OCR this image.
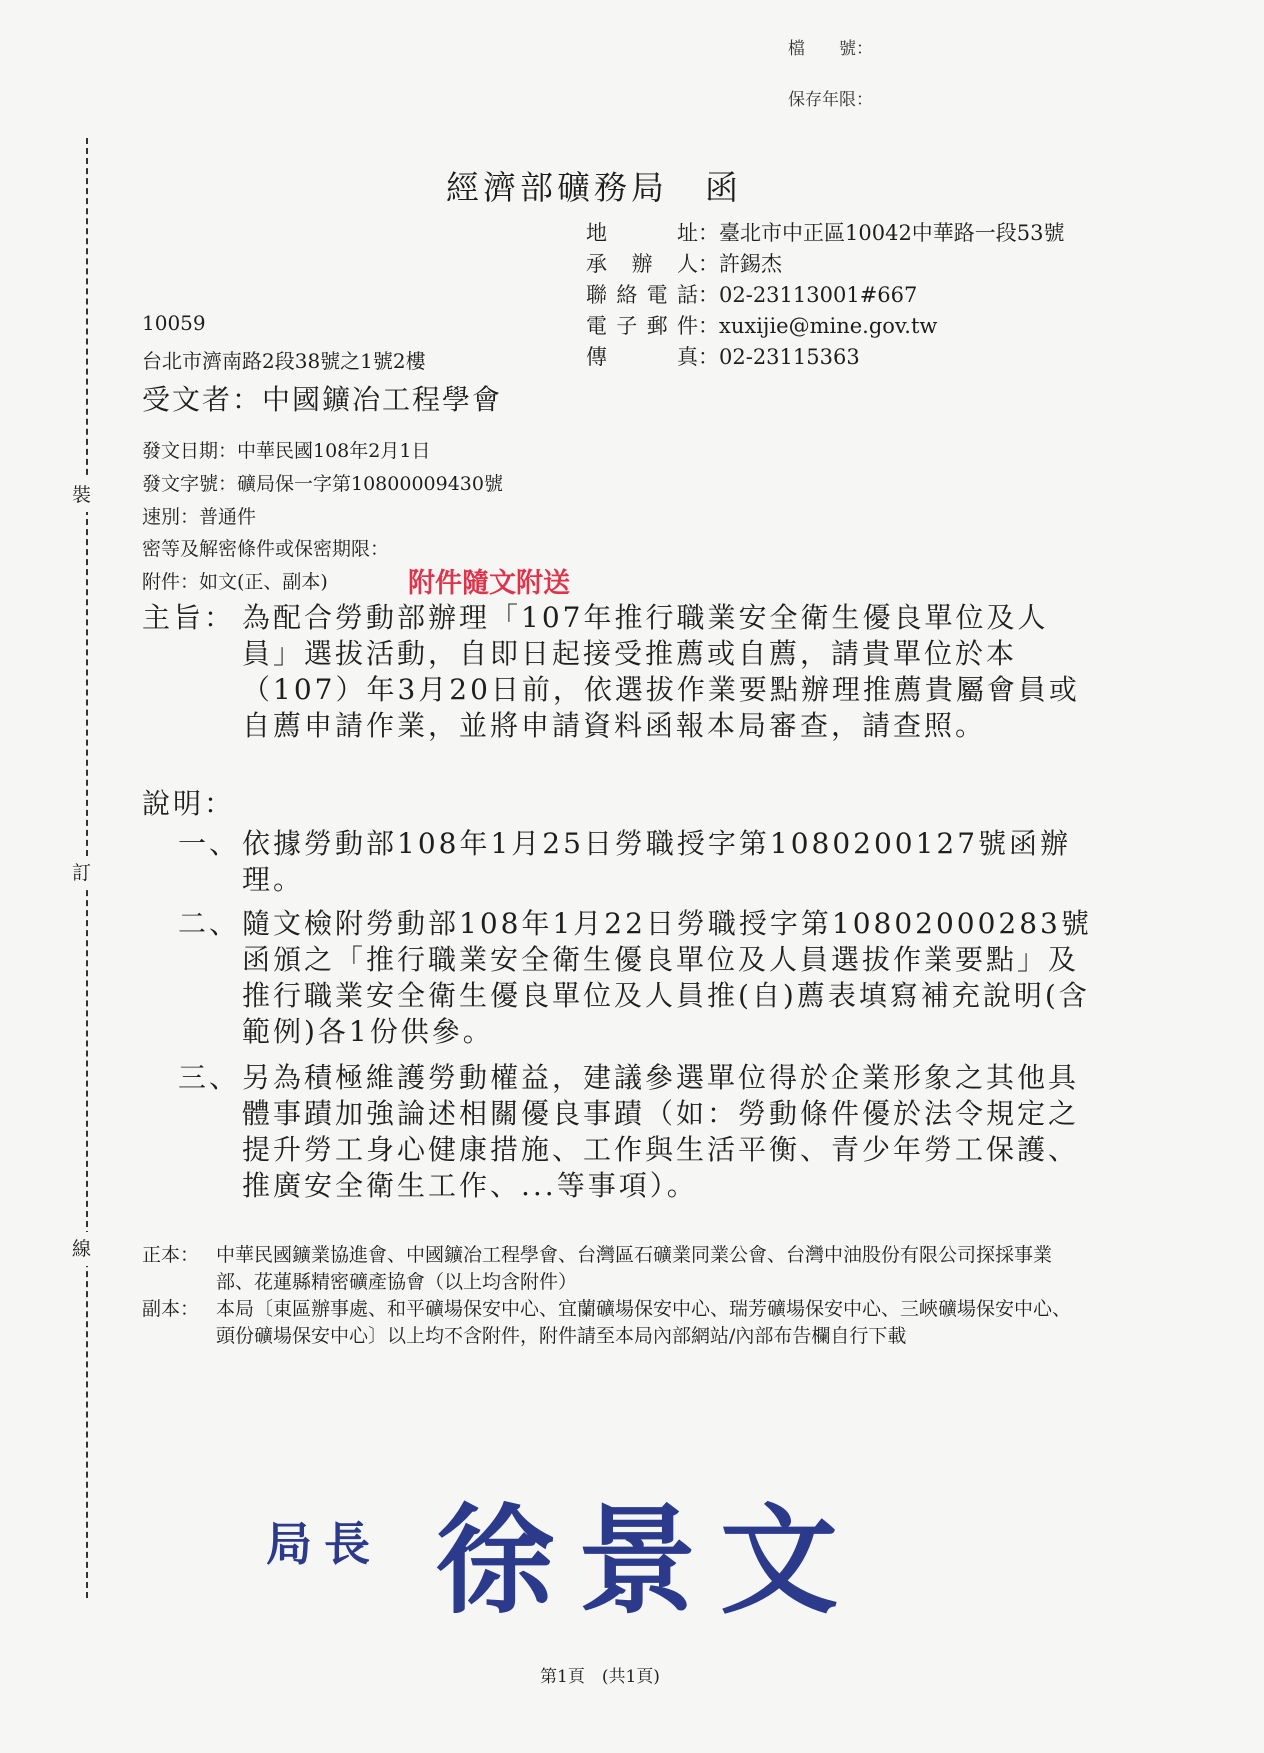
檔　　號：
保存年限：
裝
訂
線
經濟部礦務局　函
地　　址：臺北市中正區10042中華路一段53號
承 辦 人：許錫杰
聯絡電話：02-23113001#667
電子郵件：xuxijie@mine.gov.tw
傳　　真：02-23115363
10059
台北市濟南路2段38號之1號2樓
受文者：中國鑛冶工程學會
發文日期：中華民國108年2月1日
發文字號：礦局保一字第10800009430號
速別：普通件
密等及解密條件或保密期限：
附件：如文(正、副本)	附件隨文附送
主旨： 為配合勞動部辦理「107年推行職業安全衛生優良單位及人員」選拔活動，自即日起接受推薦或自薦，請貴單位於本（107）年3月20日前，依選拔作業要點辦理推薦貴屬會員或自薦申請作業，並將申請資料函報本局審查，請查照。
說明：
一、 依據勞動部108年1月25日勞職授字第1080200127號函辦理。
二、 隨文檢附勞動部108年1月22日勞職授字第10802000283號函頒之「推行職業安全衛生優良單位及人員選拔作業要點」及推行職業安全衛生優良單位及人員推(自)薦表填寫補充說明(含範例)各1份供參。
三、 另為積極維護勞動權益，建議參選單位得於企業形象之其他具體事蹟加強論述相關優良事蹟（如：勞動條件優於法令規定之提升勞工身心健康措施、工作與生活平衡、青少年勞工保護、推廣安全衛生工作、...等事項）。
正本： 中華民國鑛業協進會、中國鑛冶工程學會、台灣區石礦業同業公會、台灣中油股份有限公司探採事業部、花蓮縣精密礦產協會（以上均含附件）
副本： 本局〔東區辦事處、和平礦場保安中心、宜蘭礦場保安中心、瑞芳礦場保安中心、三峽礦場保安中心、頭份礦場保安中心〕以上均不含附件，附件請至本局內部網站/內部布告欄自行下載
局長 徐景文
第1頁　(共1頁)
